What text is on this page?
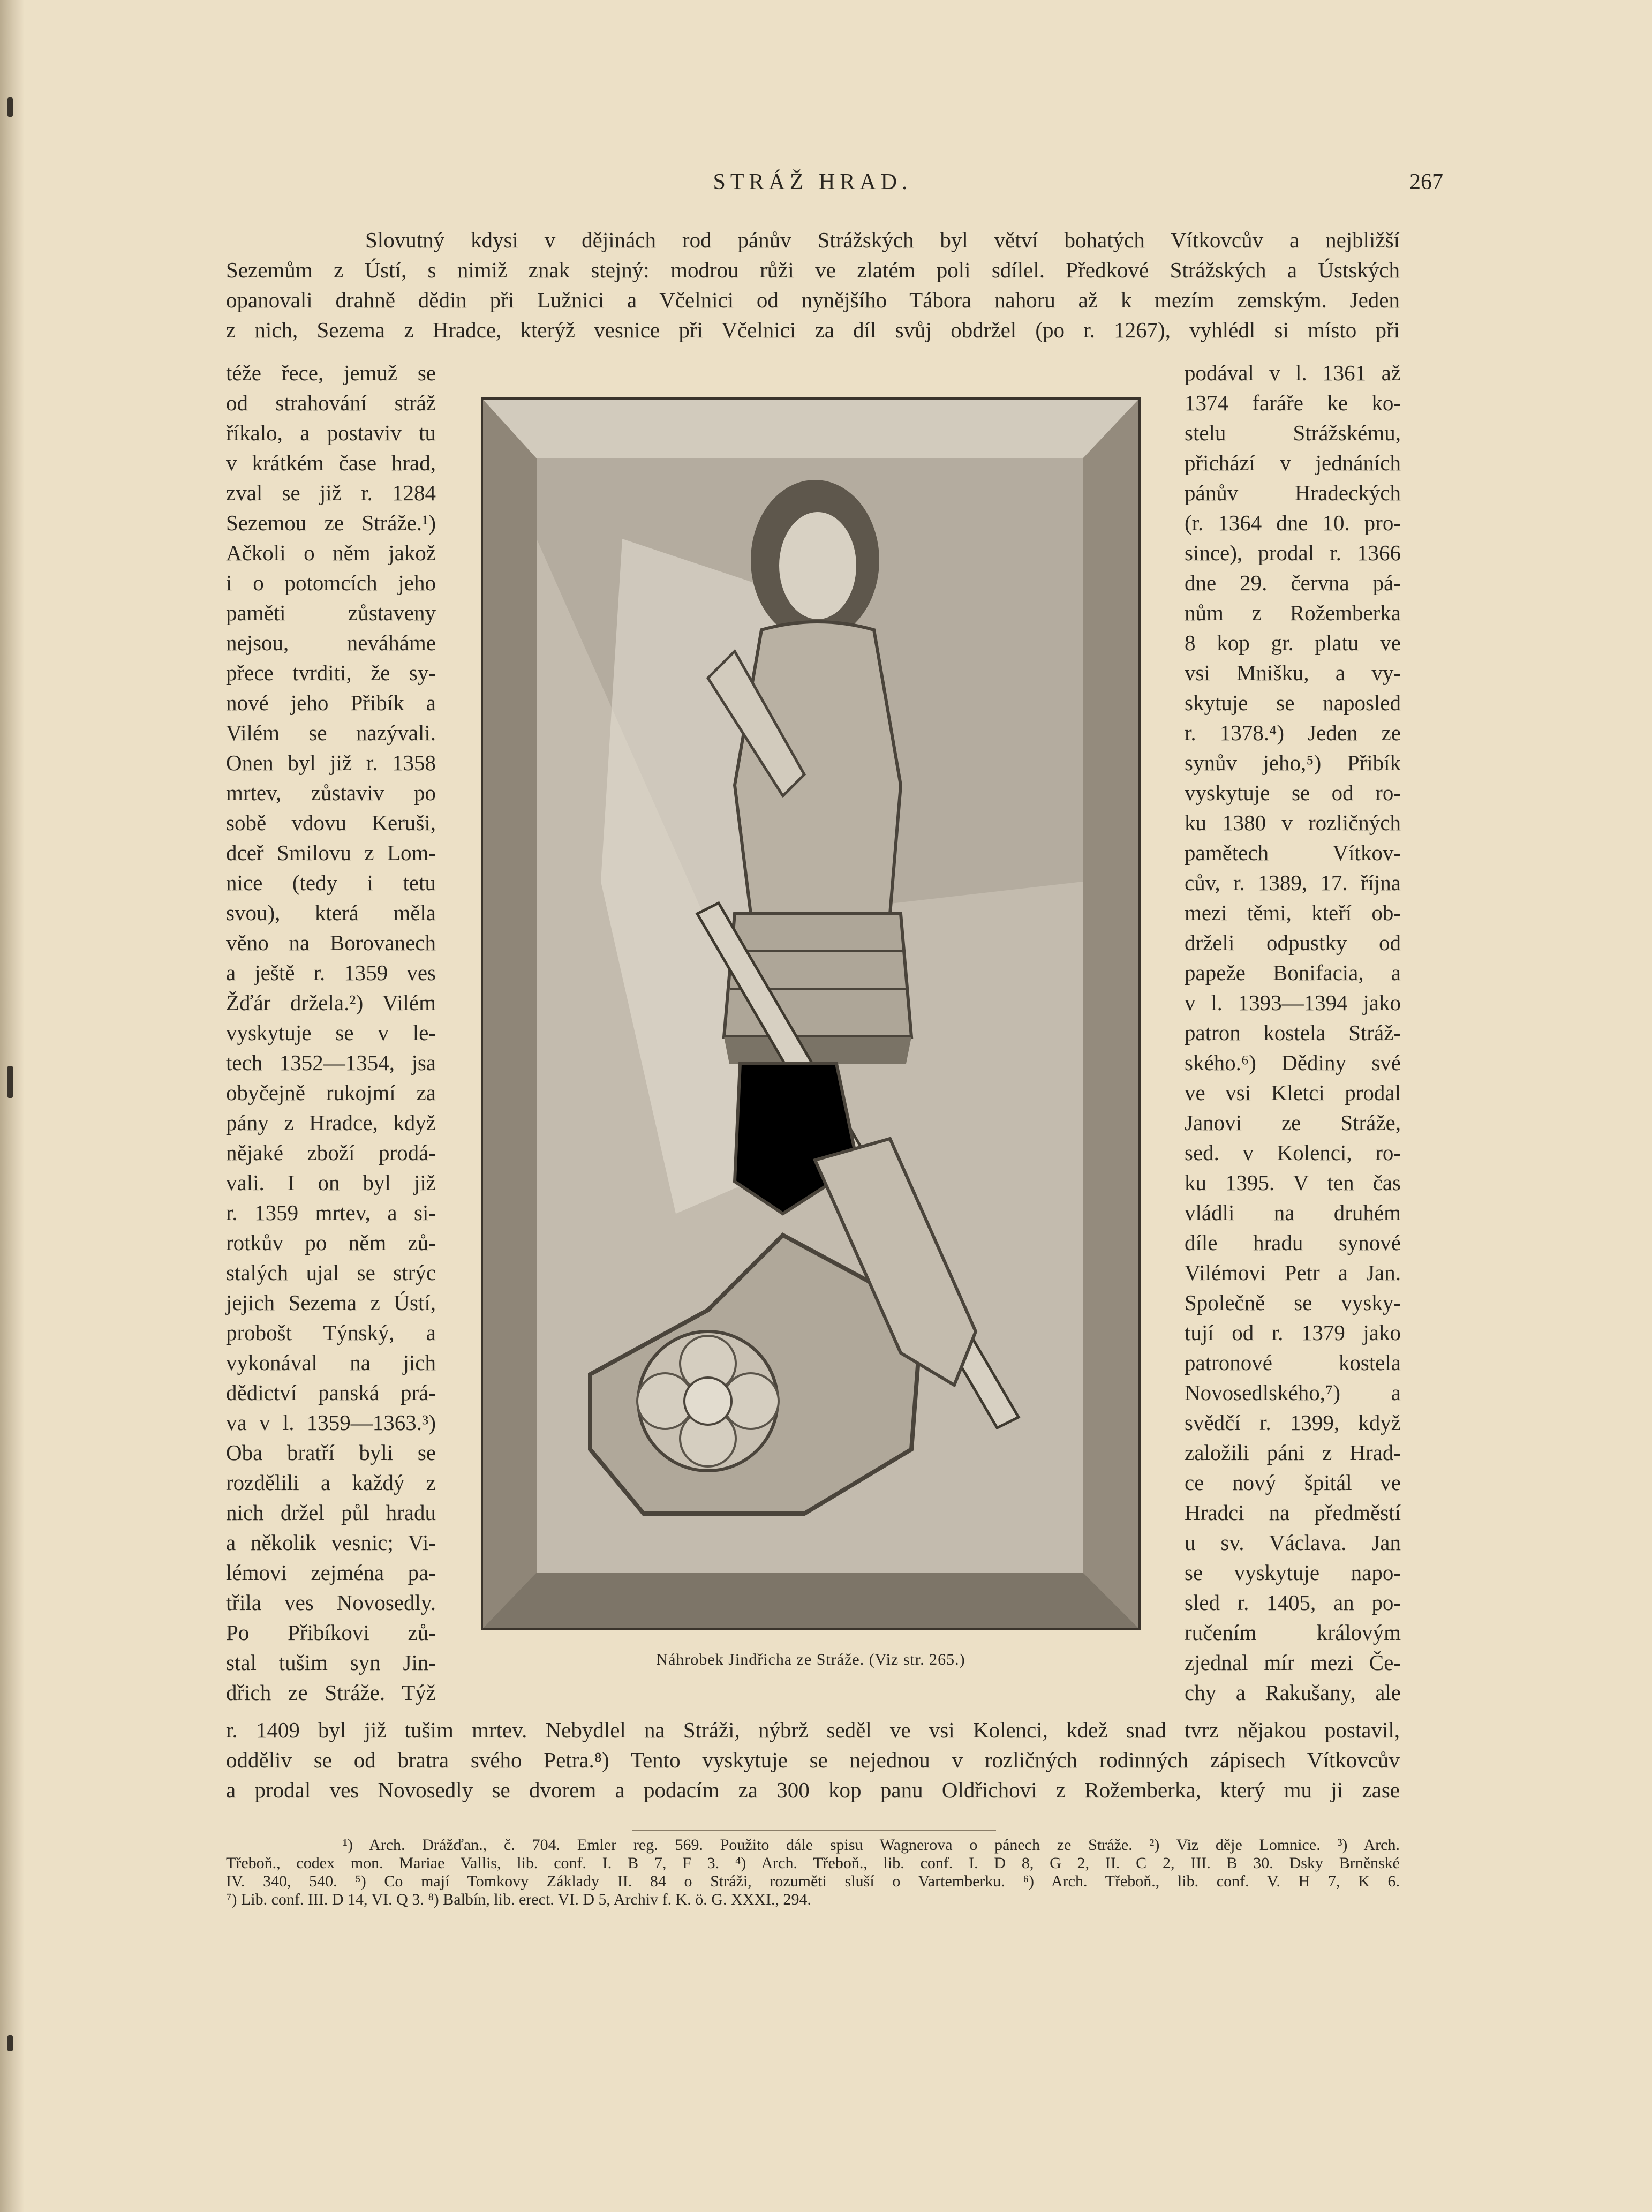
STRÁŽ HRAD.	267
Slovutný kdysi v dějinách rod pánův Strážských byl větví bohatých Vítkovcův a nejbližší
Sezemům z Ústí, s nimiž znak stejný: modrou růži ve zlatém poli sdílel. Předkové Strážských a Ústských
opanovali drahně dědin při Lužnici a Včelnici od nynějšího Tábora nahoru až k mezím zemským. Jeden
z nich, Sezema z Hradce, kterýž vesnice při Včelnici za díl svůj obdržel (po r. 1267), vyhlédl si místo při
téže řece, jemuž se
od strahování stráž
říkalo, a postaviv tu
v krátkém čase hrad,
zval se již r. 1284
Sezemou ze Stráže.¹)
Ačkoli o něm jakož
i o potomcích jeho
paměti zůstaveny
nejsou, neváháme
přece tvrditi, že sy-
nové jeho Přibík a
Vilém se nazývali.
Onen byl již r. 1358
mrtev, zůstaviv po
sobě vdovu Keruši,
dceř Smilovu z Lom-
nice (tedy i tetu
svou), která měla
věno na Borovanech
a ještě r. 1359 ves
Žďár držela.²) Vilém
vyskytuje se v le-
tech 1352—1354, jsa
obyčejně rukojmí za
pány z Hradce, když
nějaké zboží prodá-
vali. I on byl již
r. 1359 mrtev, a si-
rotkův po něm zů-
stalých ujal se strýc
jejich Sezema z Ústí,
probošt Týnský, a
vykonával na jich
dědictví panská prá-
va v l. 1359—1363.³)
Oba bratří byli se
rozdělili a každý z
nich držel půl hradu
a několik vesnic; Vi-
lémovi zejména pa-
třila ves Novosedly.
Po Přibíkovi zů-
stal tušim syn Jin-
dřich ze Stráže. Týž
podával v l. 1361 až
1374 faráře ke ko-
stelu Strážskému,
přichází v jednáních
pánův Hradeckých
(r. 1364 dne 10. pro-
since), prodal r. 1366
dne 29. června pá-
nům z Rožemberka
8 kop gr. platu ve
vsi Mnišku, a vy-
skytuje se naposled
r. 1378.⁴) Jeden ze
synův jeho,⁵) Přibík
vyskytuje se od ro-
ku 1380 v rozličných
pamětech Vítkov-
cův, r. 1389, 17. října
mezi těmi, kteří ob-
drželi odpustky od
papeže Bonifacia, a
v l. 1393—1394 jako
patron kostela Stráž-
ského.⁶) Dědiny své
ve vsi Kletci prodal
Janovi ze Stráže,
sed. v Kolenci, ro-
ku 1395. V ten čas
vládli na druhém
díle hradu synové
Vilémovi Petr a Jan.
Společně se vysky-
tují od r. 1379 jako
patronové kostela
Novosedlského,⁷) a
svědčí r. 1399, když
založili páni z Hrad-
ce nový špitál ve
Hradci na předměstí
u sv. Václava. Jan
se vyskytuje napo-
sled r. 1405, an po-
ručením královým
zjednal mír mezi Če-
chy a Rakušany, ale
r. 1409 byl již tušim mrtev. Nebydlel na Stráži, nýbrž seděl ve vsi Kolenci, kdež snad tvrz nějakou postavil,
odděliv se od bratra svého Petra.⁸) Tento vyskytuje se nejednou v rozličných rodinných zápisech Vítkovcův
a prodal ves Novosedly se dvorem a podacím za 300 kop panu Oldřichovi z Rožemberka, který mu ji zase
Náhrobek Jindřicha ze Stráže. (Viz str. 265.)
¹) Arch. Drážďan., č. 704. Emler reg. 569. Použito dále spisu Wagnerova o pánech ze Stráže. ²) Viz děje Lomnice. ³) Arch.
Třeboň., codex mon. Mariae Vallis, lib. conf. I. B 7, F 3. ⁴) Arch. Třeboň., lib. conf. I. D 8, G 2, II. C 2, III. B 30. Dsky Brněnské
IV. 340, 540. ⁵) Co mají Tomkovy Základy II. 84 o Stráži, rozuměti sluší o Vartemberku. ⁶) Arch. Třeboň., lib. conf. V. H 7, K 6.
⁷) Lib. conf. III. D 14, VI. Q 3. ⁸) Balbín, lib. erect. VI. D 5, Archiv f. K. ö. G. XXXI., 294.
